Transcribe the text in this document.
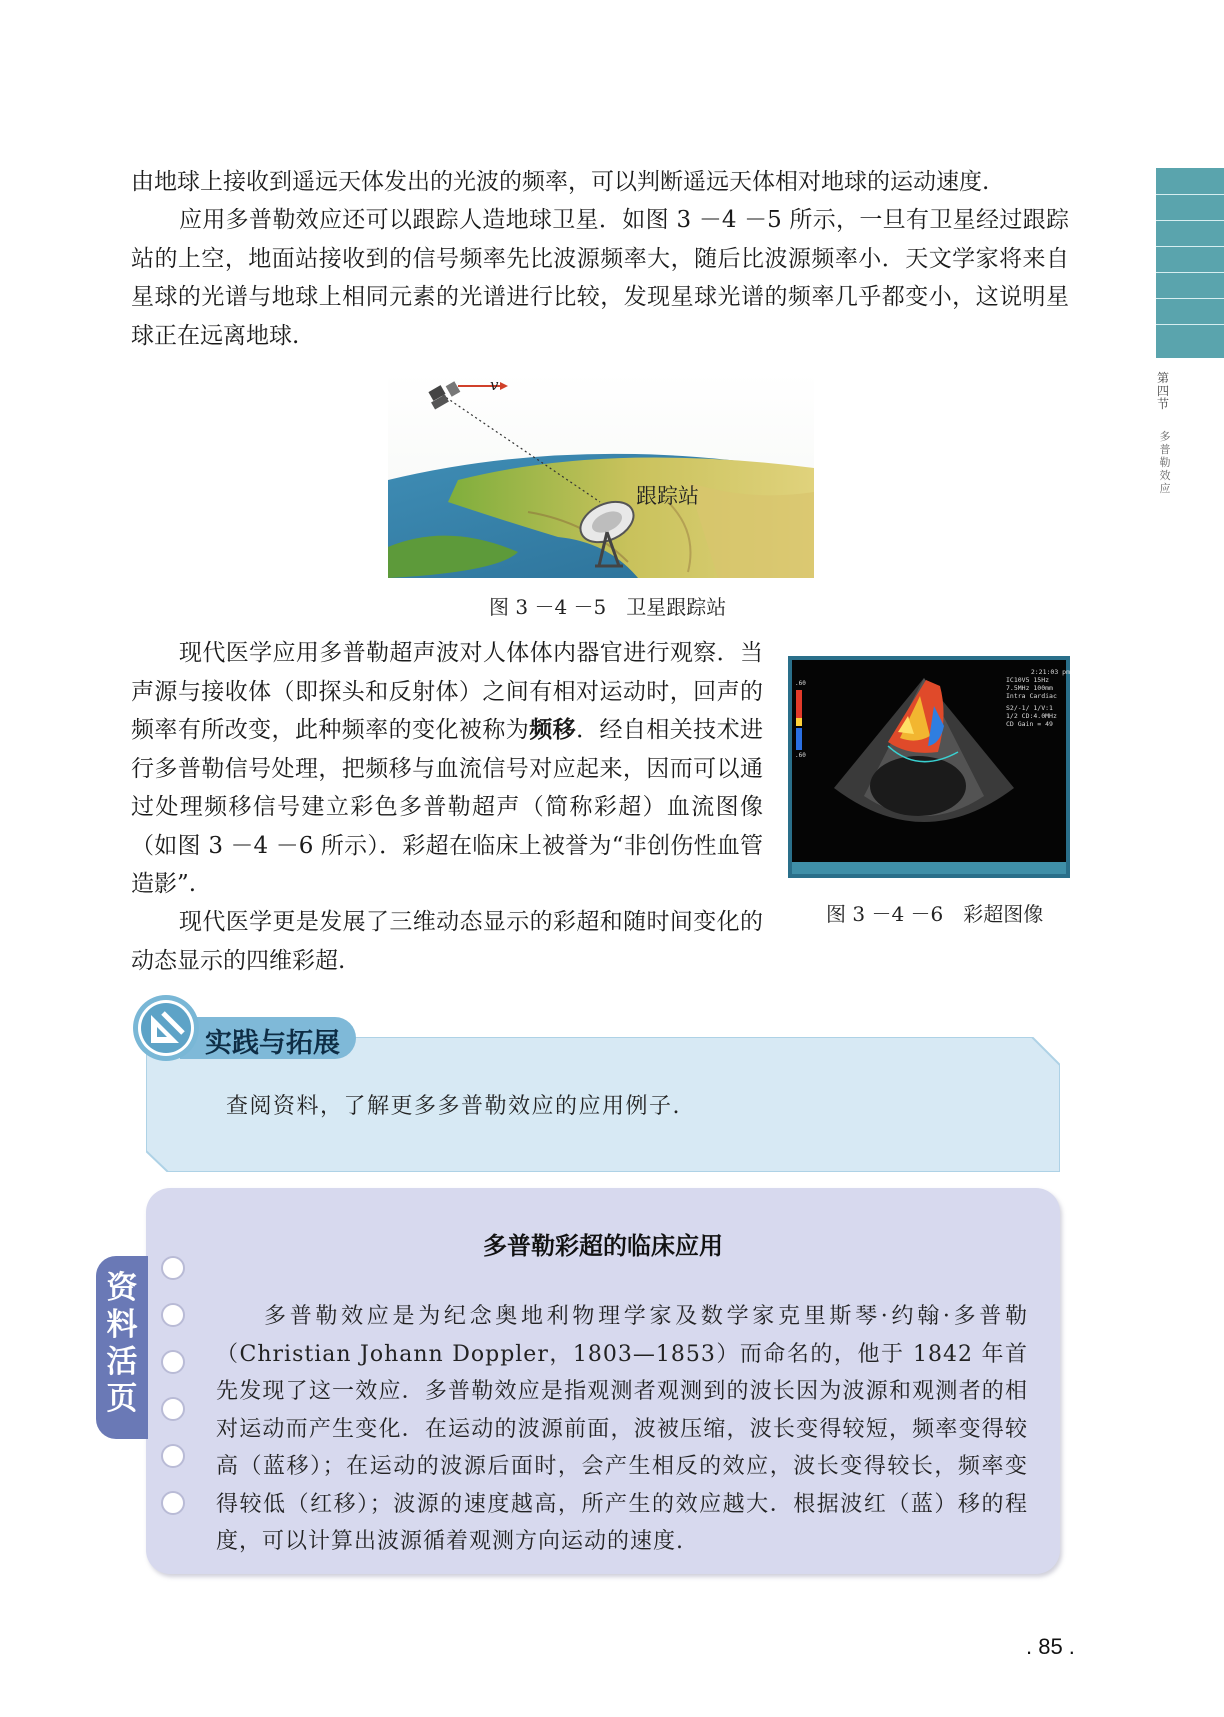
第四节
多普勒效应

由地球上接收到遥远天体发出的光波的频率，可以判断遥远天体相对地球的运动速度.

应用多普勒效应还可以跟踪人造地球卫星．如图 3 －4 －5 所示，一旦有卫星经过跟踪站的上空，地面站接收到的信号频率先比波源频率大，随后比波源频率小．天文学家将来自星球的光谱与地球上相同元素的光谱进行比较，发现星球光谱的频率几乎都变小，这说明星球正在远离地球.

v
跟踪站
图 3 －4 －5　卫星跟踪站

现代医学应用多普勒超声波对人体体内器官进行观察．当声源与接收体（即探头和反射体）之间有相对运动时，回声的频率有所改变，此种频率的变化被称为频移．经自相关技术进行多普勒信号处理，把频移与血流信号对应起来，因而可以通过处理频移信号建立彩色多普勒超声（简称彩超）血流图像（如图 3 －4 －6 所示）．彩超在临床上被誉为“非创伤性血管造影”.

2:21:03 pm
IC10V5 15Hz
7.5MHz 100mm
Intra Cardiac
S2/-1/ 1/V:1
1/2 CD:4.0MHz
CD Gain = 49
.60
.60
图 3 －4 －6　彩超图像

现代医学更是发展了三维动态显示的彩超和随时间变化的动态显示的四维彩超.

实践与拓展
查阅资料，了解更多多普勒效应的应用例子.
资料活页
多普勒彩超的临床应用

多普勒效应是为纪念奥地利物理学家及数学家克里斯琴·约翰·多普勒（Christian Johann Doppler，1803—1853）而命名的，他于 1842 年首先发现了这一效应．多普勒效应是指观测者观测到的波长因为波源和观测者的相对运动而产生变化．在运动的波源前面，波被压缩，波长变得较短，频率变得较高（蓝移）；在运动的波源后面时，会产生相反的效应，波长变得较长，频率变得较低（红移）；波源的速度越高，所产生的效应越大．根据波红（蓝）移的程度，可以计算出波源循着观测方向运动的速度.

. 85 .
